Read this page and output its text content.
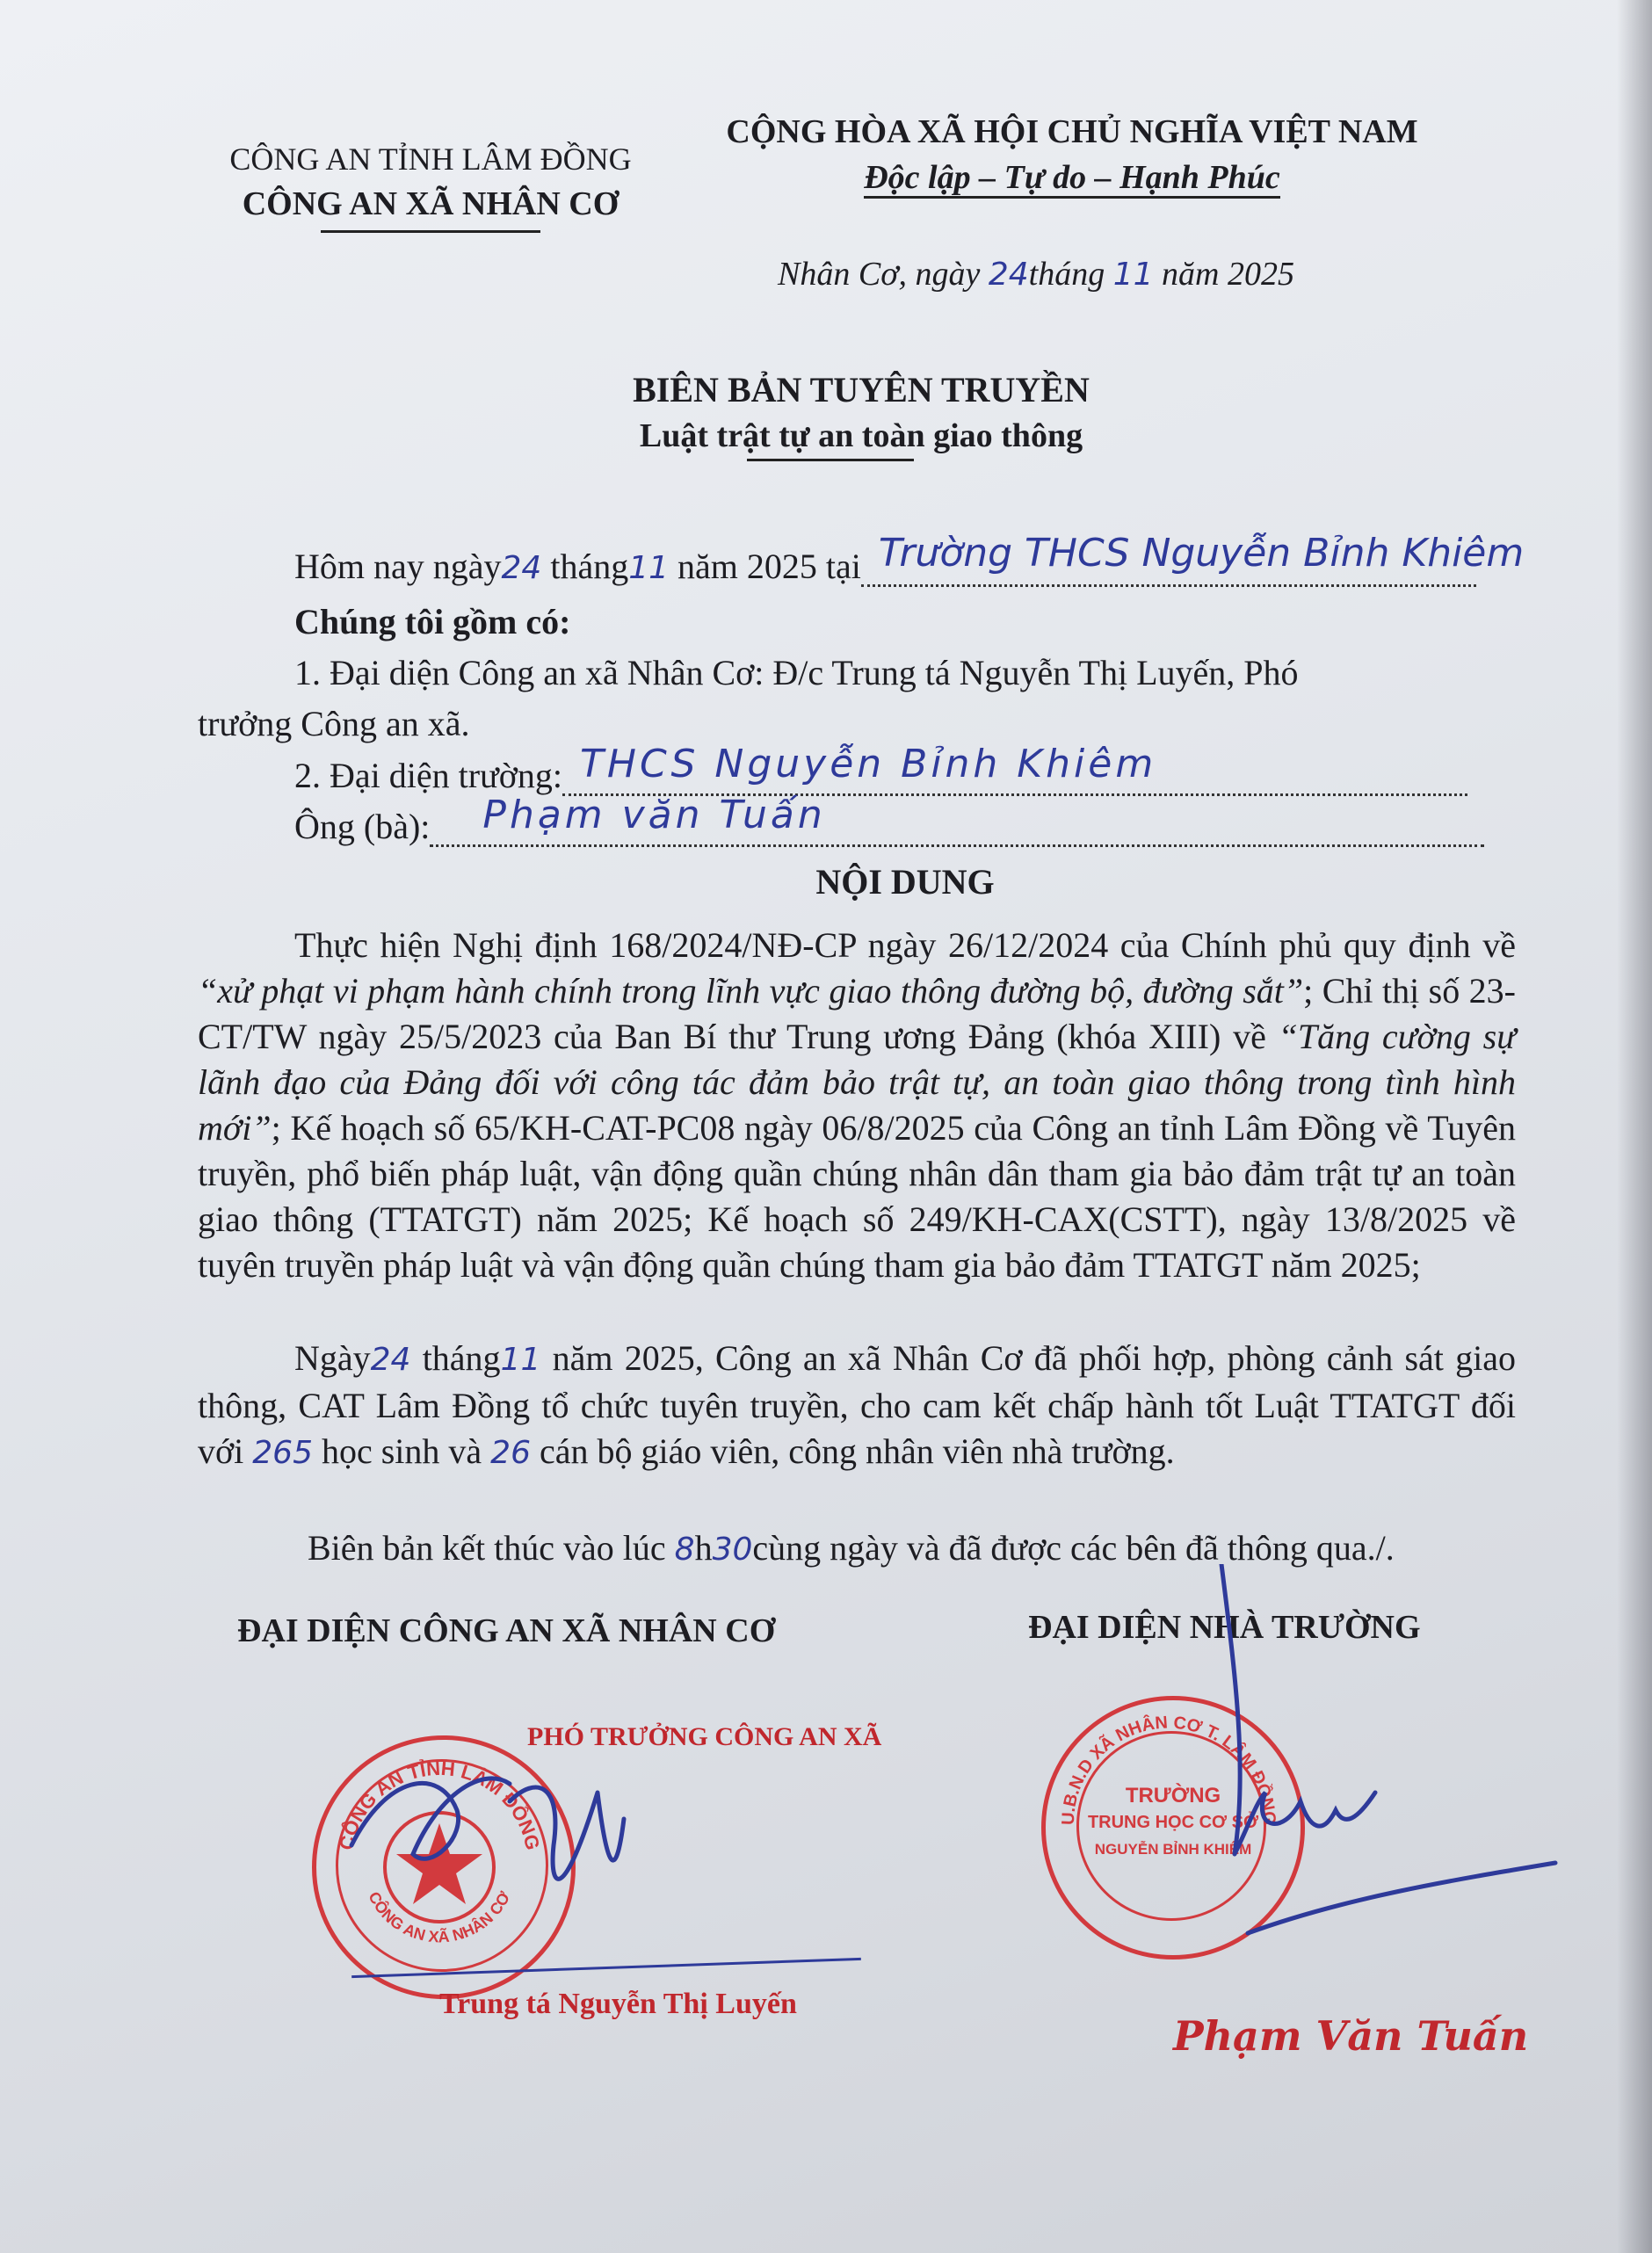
CÔNG AN TỈNH LÂM ĐỒNG
CÔNG AN XÃ NHÂN CƠ
CỘNG HÒA XÃ HỘI CHỦ NGHĨA VIỆT NAM
Độc lập – Tự do – Hạnh Phúc
Nhân Cơ, ngày 24tháng 11 năm 2025
BIÊN BẢN TUYÊN TRUYỀN
Luật trật tự an toàn giao thông
Hôm nay ngày24 tháng11 năm 2025 tại Trường THCS Nguyễn Bỉnh Khiêm
Chúng tôi gồm có:
1. Đại diện Công an xã Nhân Cơ: Đ/c Trung tá Nguyễn Thị Luyến, Phó
trưởng Công an xã.
2. Đại diện trường: THCS Nguyễn Bỉnh Khiêm
Ông (bà): Phạm văn Tuấn
NỘI DUNG
Thực hiện Nghị định 168/2024/NĐ-CP ngày 26/12/2024 của Chính phủ quy định về “xử phạt vi phạm hành chính trong lĩnh vực giao thông đường bộ, đường sắt”; Chỉ thị số 23-CT/TW ngày 25/5/2023 của Ban Bí thư Trung ương Đảng (khóa XIII) về “Tăng cường sự lãnh đạo của Đảng đối với công tác đảm bảo trật tự, an toàn giao thông trong tình hình mới”; Kế hoạch số 65/KH-CAT-PC08 ngày 06/8/2025 của Công an tỉnh Lâm Đồng về Tuyên truyền, phổ biến pháp luật, vận động quần chúng nhân dân tham gia bảo đảm trật tự an toàn giao thông (TTATGT) năm 2025; Kế hoạch số 249/KH-CAX(CSTT), ngày 13/8/2025 về tuyên truyền pháp luật và vận động quần chúng tham gia bảo đảm TTATGT năm 2025;
Ngày24 tháng11 năm 2025, Công an xã Nhân Cơ đã phối hợp, phòng cảnh sát giao thông, CAT Lâm Đồng tổ chức tuyên truyền, cho cam kết chấp hành tốt Luật TTATGT đối với 265 học sinh và 26 cán bộ giáo viên, công nhân viên nhà trường.
Biên bản kết thúc vào lúc 8h30cùng ngày và đã được các bên đã thông qua./.
ĐẠI DIỆN CÔNG AN XÃ NHÂN CƠ	ĐẠI DIỆN NHÀ TRƯỜNG
PHÓ TRƯỞNG CÔNG AN XÃ
CÔNG AN TỈNH LÂM ĐỒNG
CÔNG AN XÃ NHÂN CƠ
Trung tá Nguyễn Thị Luyến
U.B.N.D XÃ NHÂN CƠ T. LÂM ĐỒNG
TRƯỜNG
TRUNG HỌC CƠ SỞ
NGUYỄN BỈNH KHIÊM
Phạm Văn Tuấn
